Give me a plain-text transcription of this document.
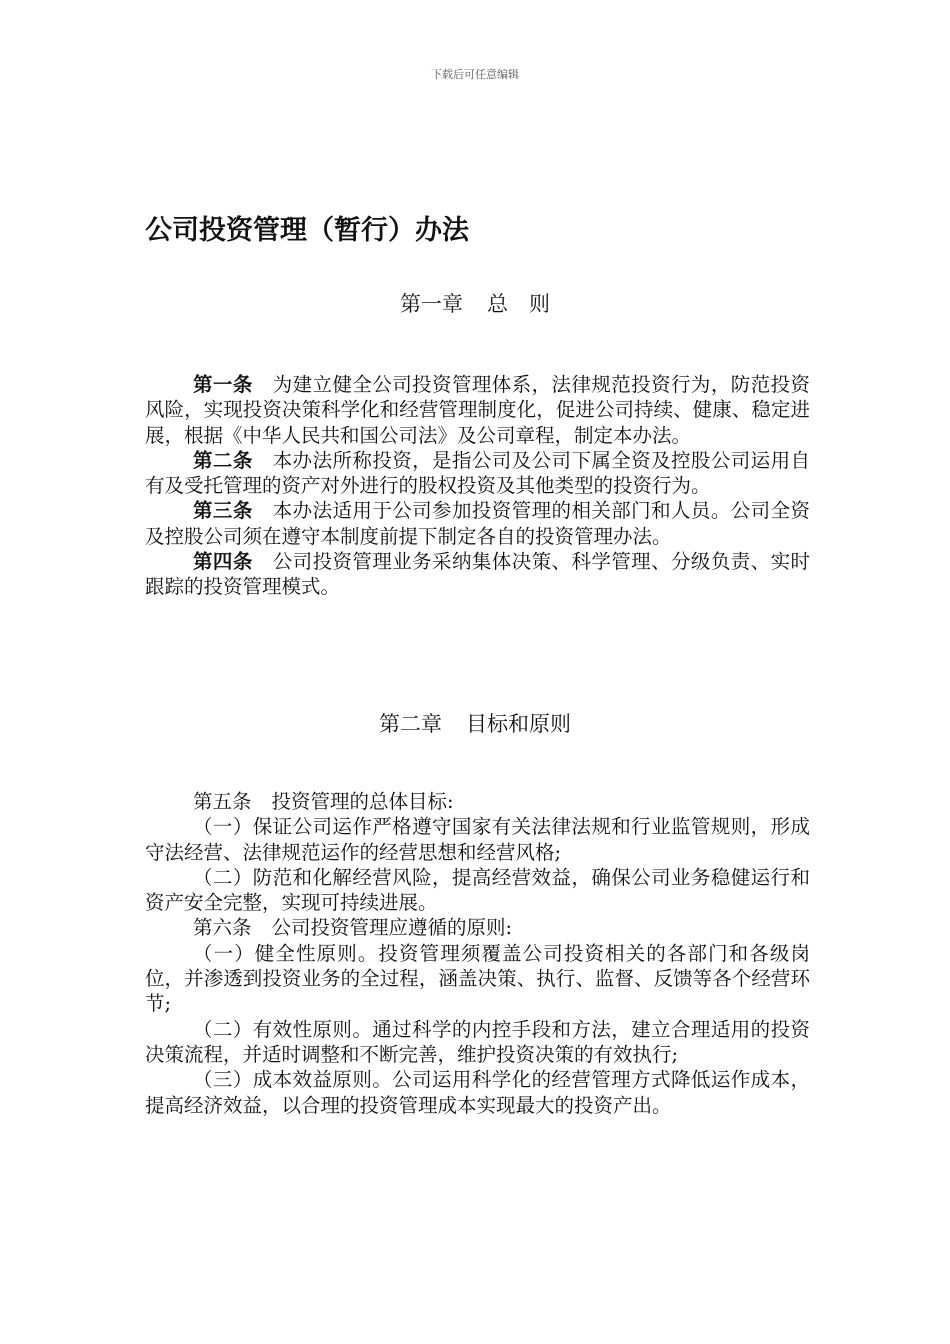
下载后可任意编辑
公司投资管理（暂行）办法
第一章 总　则

第一条 为建立健全公司投资管理体系，法律规范投资行为，防范投资风险，实现投资决策科学化和经营管理制度化，促进公司持续、健康、稳定进展，根据《中华人民共和国公司法》及公司章程，制定本办法。

第二条 本办法所称投资，是指公司及公司下属全资及控股公司运用自有及受托管理的资产对外进行的股权投资及其他类型的投资行为。

第三条 本办法适用于公司参加投资管理的相关部门和人员。公司全资及控股公司须在遵守本制度前提下制定各自的投资管理办法。

第四条 公司投资管理业务采纳集体决策、科学管理、分级负责、实时跟踪的投资管理模式。

第二章 目标和原则

第五条 投资管理的总体目标:

（一）保证公司运作严格遵守国家有关法律法规和行业监管规则，形成守法经营、法律规范运作的经营思想和经营风格;

（二）防范和化解经营风险，提高经营效益，确保公司业务稳健运行和资产安全完整，实现可持续进展。

第六条 公司投资管理应遵循的原则:

（一）健全性原则。投资管理须覆盖公司投资相关的各部门和各级岗位，并渗透到投资业务的全过程，涵盖决策、执行、监督、反馈等各个经营环节;

（二）有效性原则。通过科学的内控手段和方法，建立合理适用的投资决策流程，并适时调整和不断完善，维护投资决策的有效执行;

（三）成本效益原则。公司运用科学化的经营管理方式降低运作成本，提高经济效益，以合理的投资管理成本实现最大的投资产出。
